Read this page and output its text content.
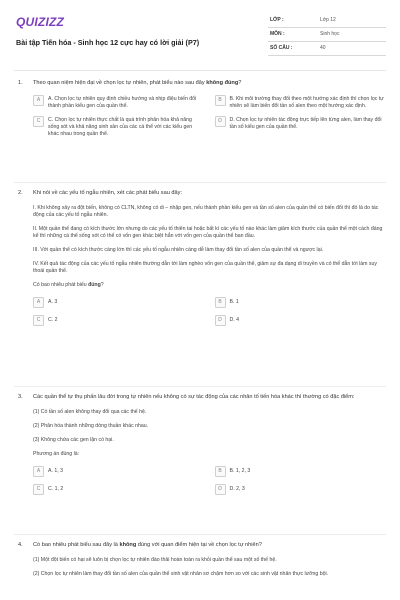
QUIZIZZ
Bài tập Tiến hóa - Sinh học 12 cực hay có lời giải (P7)
LỚP :	Lớp 12
MÔN :	Sinh học
SỐ CÂU :	40
1. Theo quan niệm hiện đại về chọn lọc tự nhiên, phát biểu nào sau đây không đúng?
A	A. Chọn lọc tự nhiên quy định chiều hướng và nhịp điệu biến đổi thành phần kiểu gen của quần thể.
B	B. Khi môi trường thay đổi theo một hướng xác định thì chọn lọc tự nhiên sẽ làm biến đổi tần số alen theo một hướng xác định.
C	C. Chọn lọc tự nhiên thực chất là quá trình phân hóa khả năng sống sót và khả năng sinh sản của các cá thể với các kiểu gen khác nhau trong quần thể.
D	D. Chọn lọc tự nhiên tác động trực tiếp lên từng alen, làm thay đổi tần số kiểu gen của quần thể.
2. Khi nói về các yếu tố ngẫu nhiên, xét các phát biểu sau đây:
I. Khi không xảy ra đột biến, không có CLTN, không có di – nhập gen, nếu thành phần kiểu gen và tần số alen của quần thể có biến đổi thì đó là do tác động của các yếu tố ngẫu nhiên.
II. Một quần thể đang có kích thước lớn nhưng do các yếu tố thiên tai hoặc bất kì các yếu tố nào khác làm giảm kích thước của quần thể một cách đáng kể thì những cá thể sống sót có thể có vốn gen khác biệt hẳn với vốn gen của quần thể ban đầu.
III. Với quần thể có kích thước càng lớn thì các yếu tố ngẫu nhiên càng dễ làm thay đổi tần số alen của quần thể và ngược lại.
IV. Kết quả tác động của các yếu tố ngẫu nhiên thường dẫn tới làm nghèo vốn gen của quần thể, giảm sự đa dạng di truyền và có thể dẫn tới làm suy thoái quần thể.
Có bao nhiêu phát biểu đúng?
A	A. 3	B	B. 1
C	C. 2	D	D. 4
3. Các quần thể tự thụ phấn lâu đời trong tự nhiên nếu không có sự tác động của các nhân tố tiến hóa khác thì thường có đặc điểm:
(1) Có tần số alen không thay đổi qua các thế hệ.
(2) Phân hóa thành những dòng thuần khác nhau.
(3) Không chứa các gen lặn có hại.
Phương án đúng là:
A	A. 1, 3	B	B. 1, 2, 3
C	C. 1, 2	D	D. 2, 3
4. Có bao nhiêu phát biểu sau đây là không đúng với quan điểm hiện tại về chọn lọc tự nhiên?
(1) Một đột biến có hại sẽ luôn bị chọn lọc tự nhiên đào thải hoàn toàn ra khỏi quần thể sau một số thế hệ.
(2) Chọn lọc tự nhiên làm thay đổi tần số alen của quần thể sinh vật nhân sơ chậm hơn so với các sinh vật nhân thực lưỡng bội.
